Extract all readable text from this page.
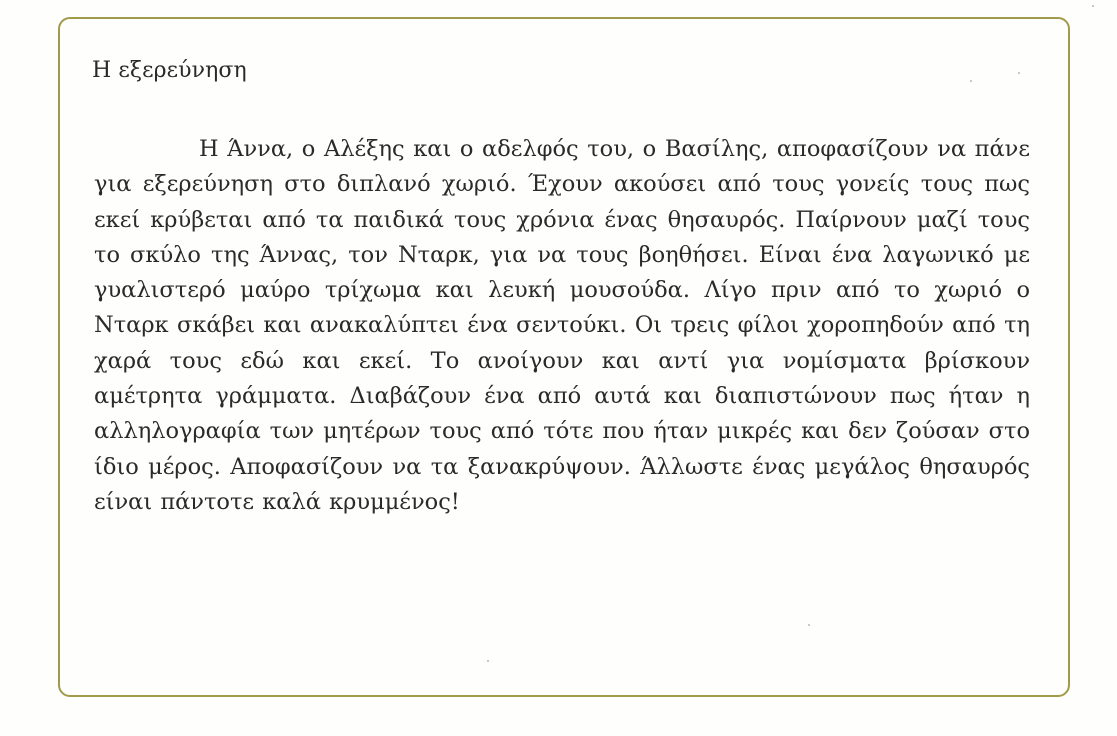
Η εξερεύνηση

Η Άννα, ο Αλέξης και ο αδελφός του, ο Βασίλης, αποφασίζουν να πάνε για εξερεύνηση στο διπλανό χωριό. Έχουν ακούσει από τους γονείς τους πως εκεί κρύβεται από τα παιδικά τους χρόνια ένας θησαυρός. Παίρνουν μαζί τους το σκύλο της Άννας, τον Νταρκ, για να τους βοηθήσει. Είναι ένα λαγωνικό με γυαλιστερό μαύρο τρίχωμα και λευκή μουσούδα. Λίγο πριν από το χωριό ο Νταρκ σκάβει και ανακαλύπτει ένα σεντούκι. Οι τρεις φίλοι χοροπηδούν από τη χαρά τους εδώ και εκεί. Το ανοίγουν και αντί για νομίσματα βρίσκουν αμέτρητα γράμματα. Διαβάζουν ένα από αυτά και διαπιστώνουν πως ήταν η αλληλογραφία των μητέρων τους από τότε που ήταν μικρές και δεν ζούσαν στο ίδιο μέρος. Αποφασίζουν να τα ξανακρύψουν. Άλλωστε ένας μεγάλος θησαυρός είναι πάντοτε καλά κρυμμένος!
